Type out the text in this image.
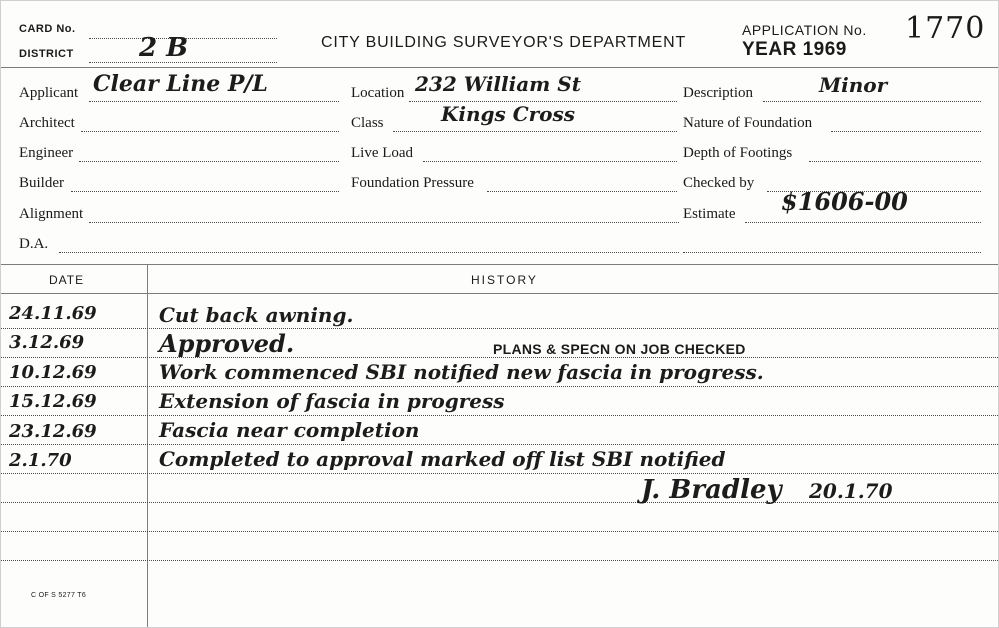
CARD No.
DISTRICT	2 B	CITY BUILDING SURVEYOR'S DEPARTMENT
APPLICATION No. 1770
YEAR 1969
Applicant Clear Line P/L
Architect
Engineer
Builder
Alignment
D.A.
Location 232 William St
Class	Kings Cross
Live Load
Foundation Pressure
Description	Minor
Nature of Foundation
Depth of Footings
Checked by
Estimate $1606-00
DATE	HISTORY
24.11.69	Cut back awning.
3.12.69	Approved.	PLANS & SPECN ON JOB CHECKED
10.12.69	Work commenced SBI notified new fascia in progress.
15.12.69	Extension of fascia in progress
23.12.69	Fascia near completion
2.1.70	Completed to approval marked off list SBI notified
J. Bradley 20.1.70
C OF S 5277 T6
